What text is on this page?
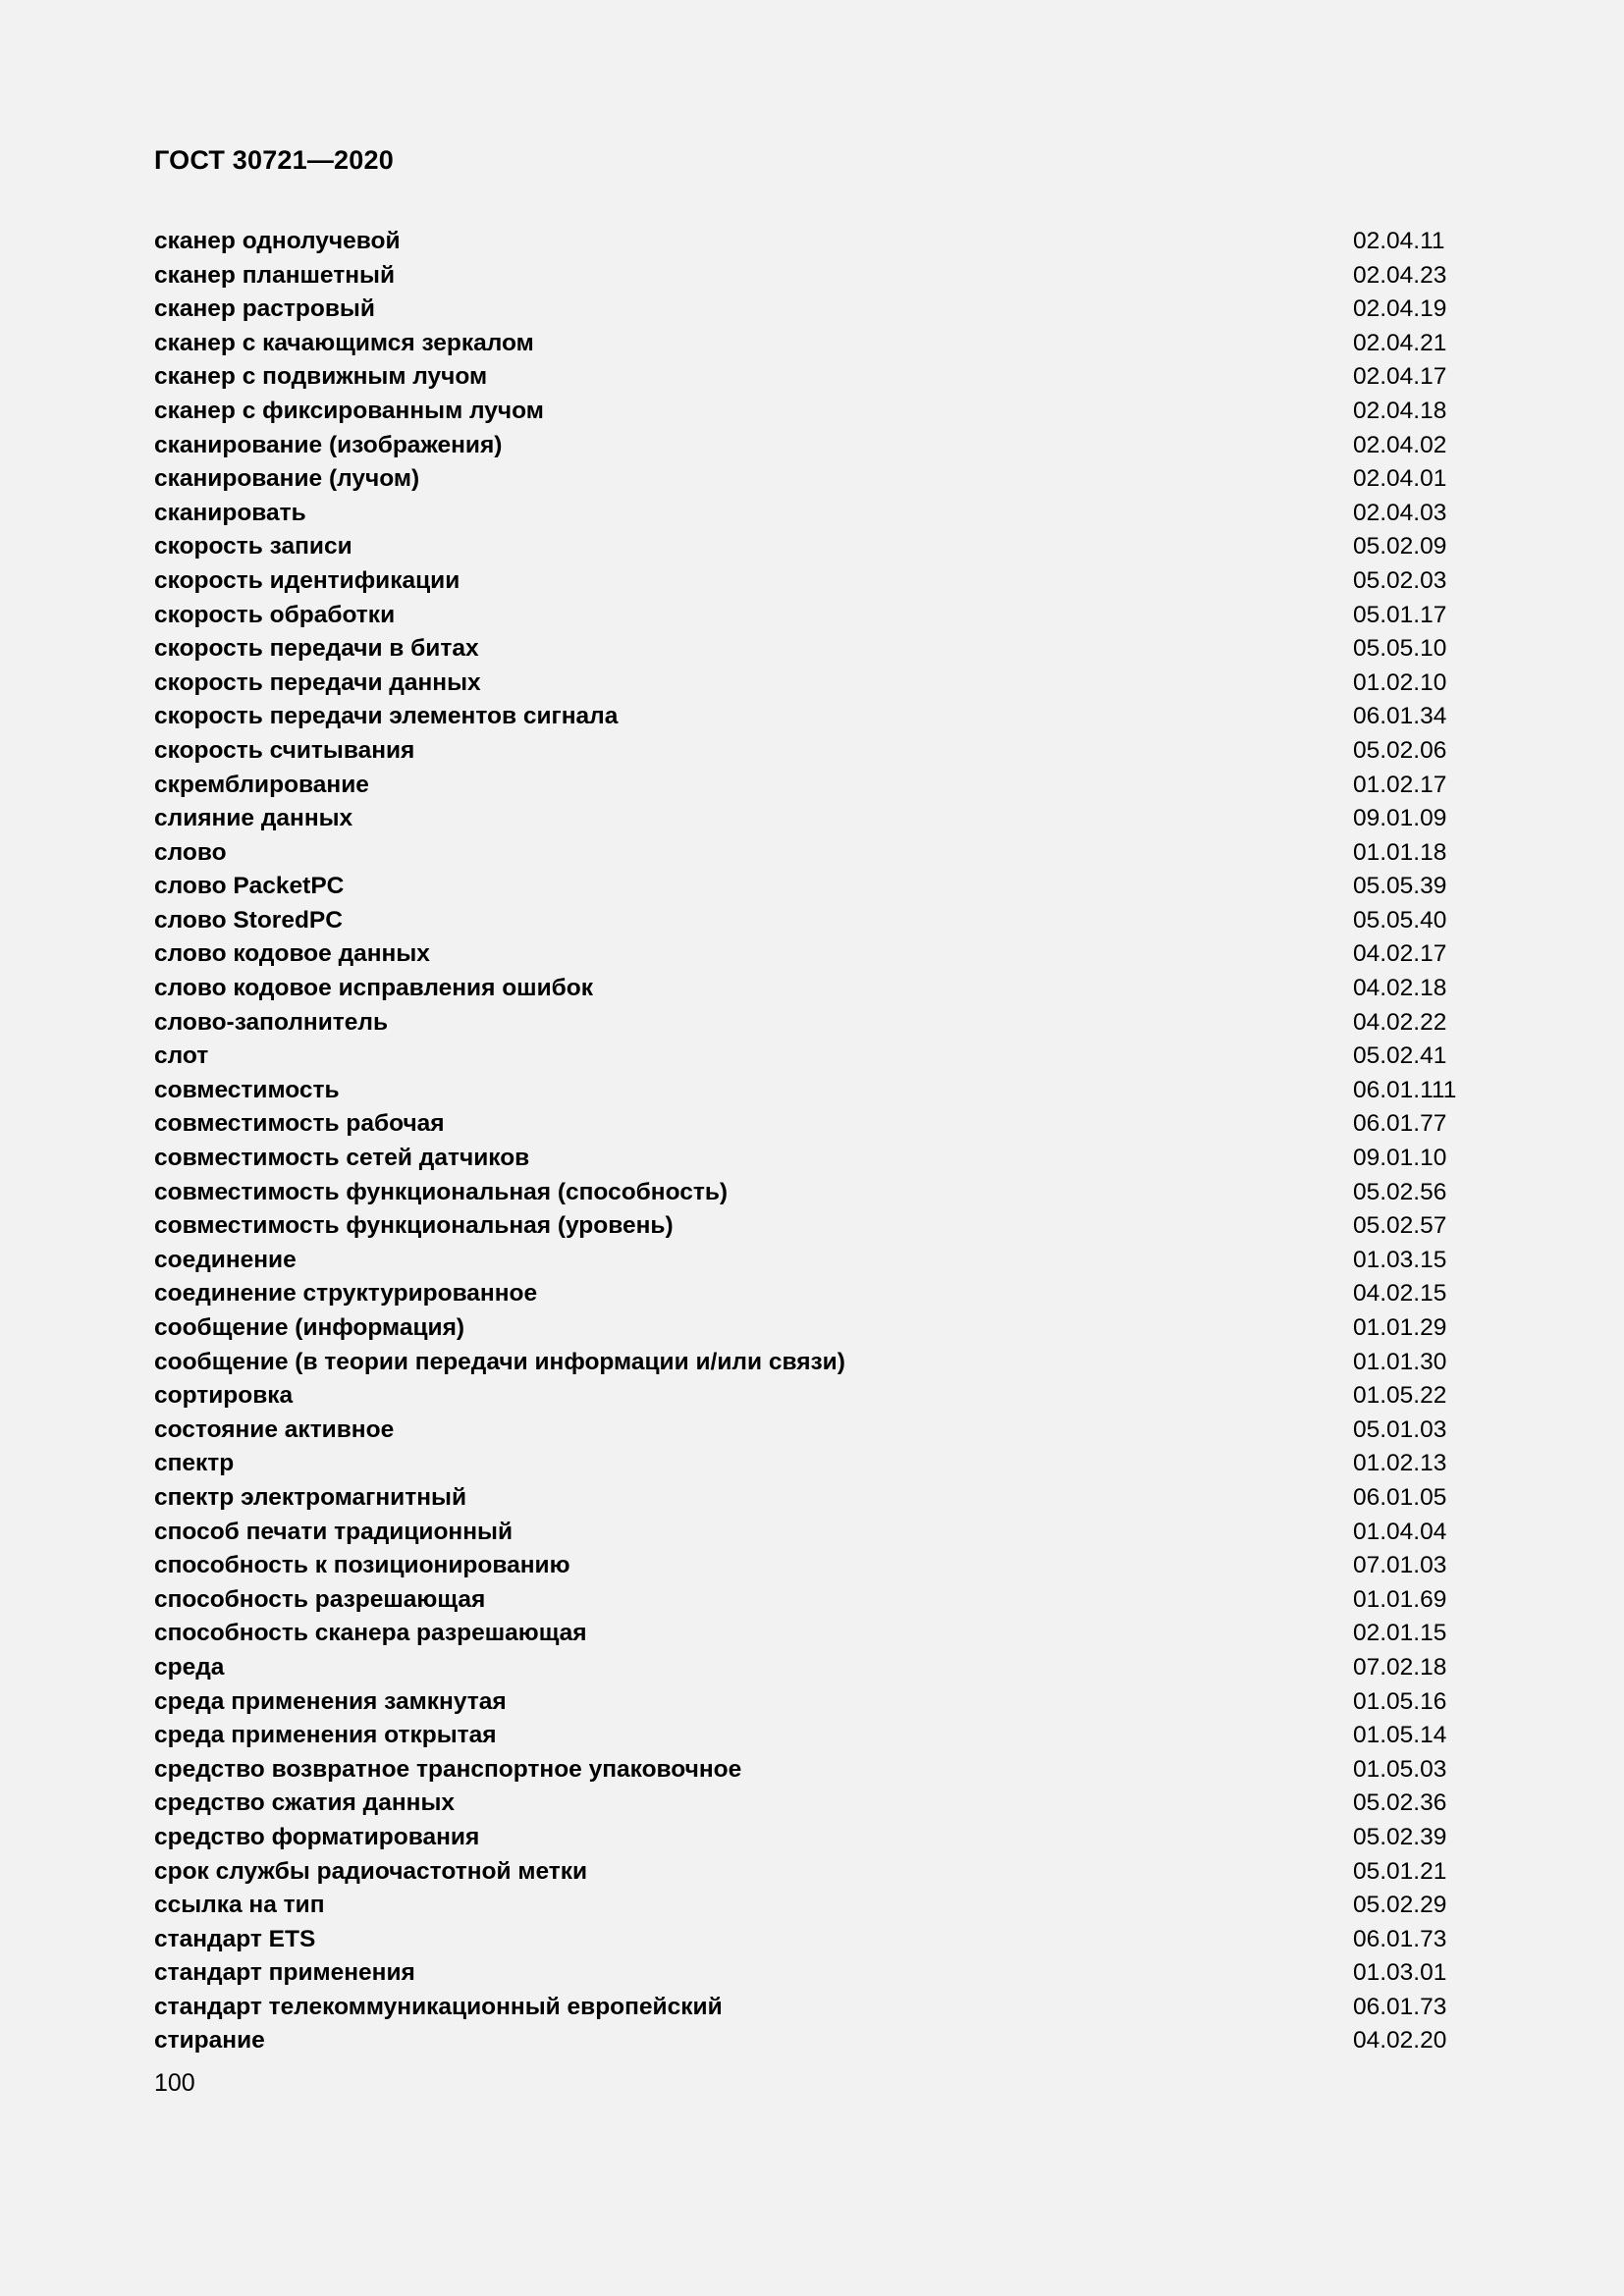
ГОСТ 30721—2020
сканер однолучевой	02.04.11
сканер планшетный	02.04.23
сканер растровый	02.04.19
сканер с качающимся зеркалом	02.04.21
сканер с подвижным лучом	02.04.17
сканер с фиксированным лучом	02.04.18
сканирование (изображения)	02.04.02
сканирование (лучом)	02.04.01
сканировать	02.04.03
скорость записи	05.02.09
скорость идентификации	05.02.03
скорость обработки	05.01.17
скорость передачи в битах	05.05.10
скорость передачи данных	01.02.10
скорость передачи элементов сигнала	06.01.34
скорость считывания	05.02.06
скремблирование	01.02.17
слияние данных	09.01.09
слово	01.01.18
слово PacketPC	05.05.39
слово StoredPC	05.05.40
слово кодовое данных	04.02.17
слово кодовое исправления ошибок	04.02.18
слово-заполнитель	04.02.22
слот	05.02.41
совместимость	06.01.111
совместимость рабочая	06.01.77
совместимость сетей датчиков	09.01.10
совместимость функциональная (способность)	05.02.56
совместимость функциональная (уровень)	05.02.57
соединение	01.03.15
соединение структурированное	04.02.15
сообщение (информация)	01.01.29
сообщение (в теории передачи информации и/или связи)	01.01.30
сортировка	01.05.22
состояние активное	05.01.03
спектр	01.02.13
спектр электромагнитный	06.01.05
способ печати традиционный	01.04.04
способность к позиционированию	07.01.03
способность разрешающая	01.01.69
способность сканера разрешающая	02.01.15
среда	07.02.18
среда применения замкнутая	01.05.16
среда применения открытая	01.05.14
средство возвратное транспортное упаковочное	01.05.03
средство сжатия данных	05.02.36
средство форматирования	05.02.39
срок службы радиочастотной метки	05.01.21
ссылка на тип	05.02.29
стандарт ETS	06.01.73
стандарт применения	01.03.01
стандарт телекоммуникационный европейский	06.01.73
стирание	04.02.20
100
